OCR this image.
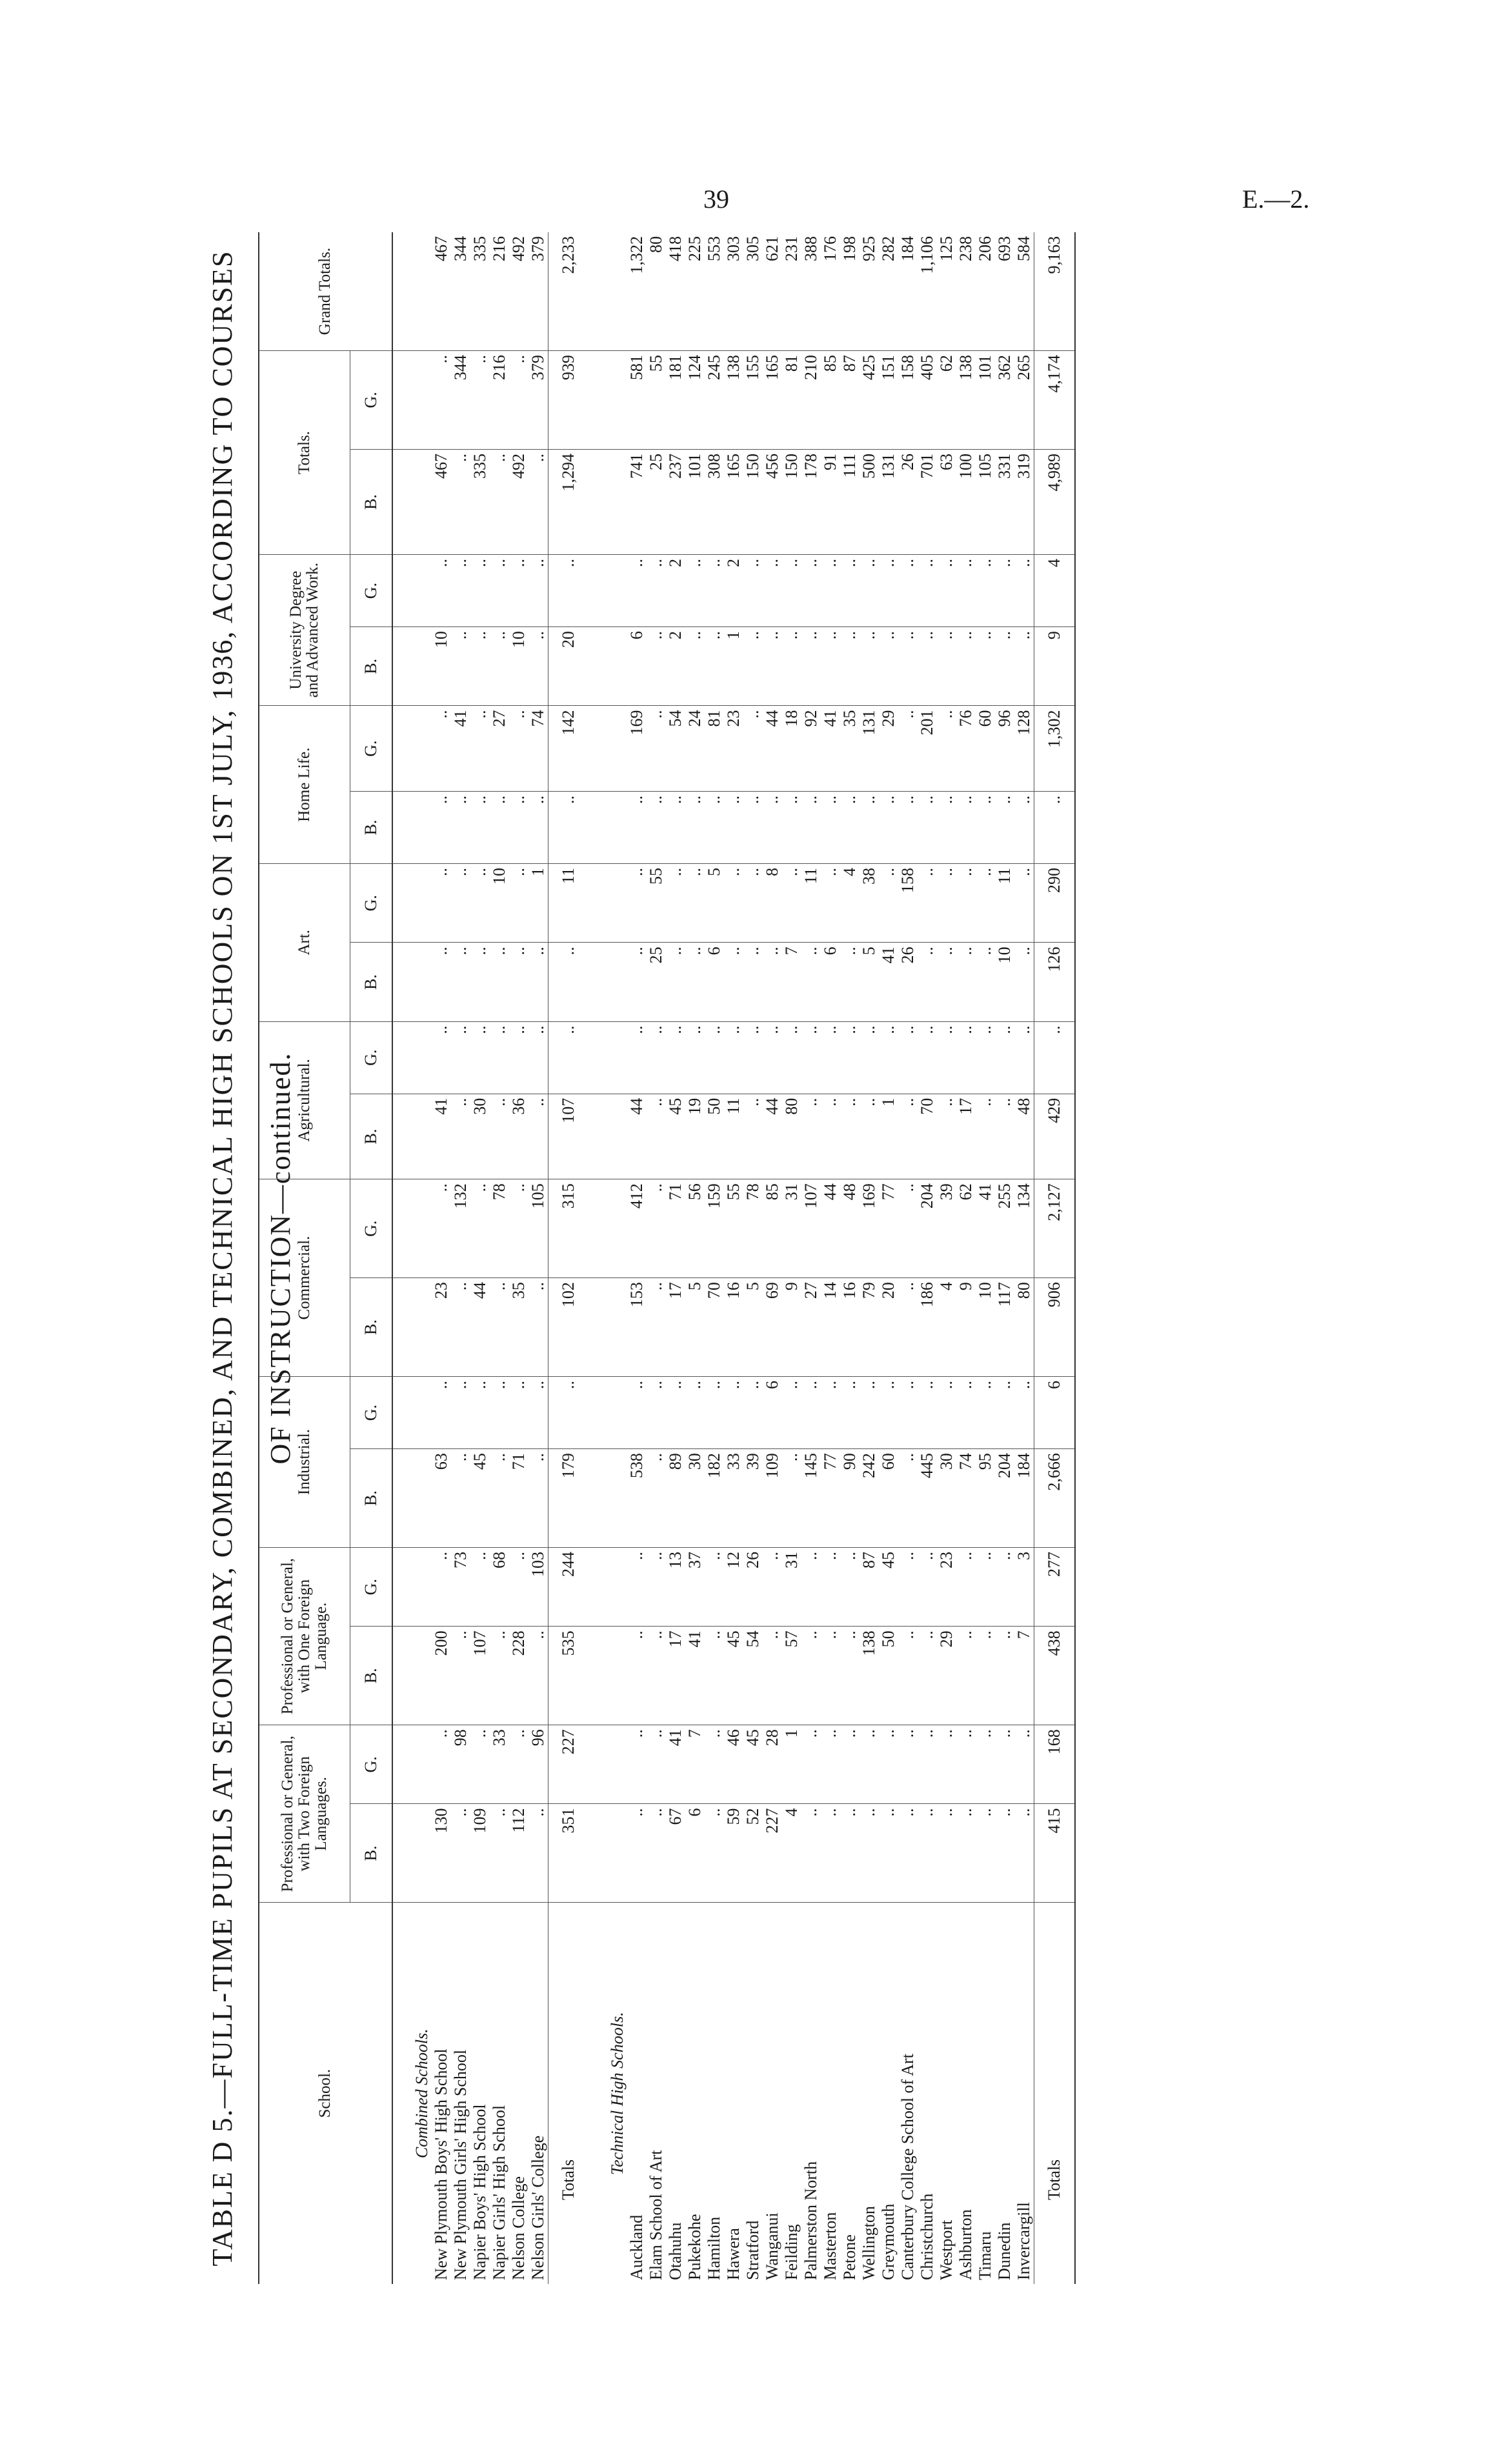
39	E.—2.
TABLE D 5.—FULL-TIME PUPILS AT SECONDARY, COMBINED, AND TECHNICAL HIGH SCHOOLS ON 1ST JULY, 1936, ACCORDING TO COURSES OF INSTRUCTION—continued.
School.	Professional or General, with Two Foreign Languages.		Professional or General, with One Foreign Language.		Industrial.		Commercial.		Agricultural.		Art.		Home Life.		University Degree and Advanced Work.		Totals.		Grand Totals.
	B.	G.	B.	G.	B.	G.	B.	G.	B.	G.	B.	G.	B.	G.	B.	G.	B.	G.	
Combined Schools.																			
New Plymouth Boys' High School	130	..	200	..	63	..	23	..	41	..	..	..	..	..	10	..	467	..	467
New Plymouth Girls' High School	..	98	..	73	..	..	..	132	..	..	..	..	..	41	..	..	..	344	344
Napier Boys' High School	109	..	107	..	45	..	44	..	30	..	..	..	..	..	..	..	335	..	335
Napier Girls' High School	..	33	..	68	..	..	..	78	..	..	..	10	..	27	..	..	..	216	216
Nelson College	112	..	228	..	71	..	35	..	36	..	..	..	..	..	10	..	492	..	492
Nelson Girls' College	..	96	..	103	..	..	..	105	..	..	..	1	..	74	..	..	..	379	379
Totals	351	227	535	244	179	..	102	315	107	..	..	11	..	142	20	..	1,294	939	2,233
Technical High Schools.																			
Auckland	..	..	..	..	538	..	153	412	44	..	..	..	..	169	6	..	741	581	1,322
Elam School of Art	..	..	..	..	..	..	..	..	..	..	25	55	..	..	..	..	25	55	80
Otahuhu	67	41	17	13	89	..	17	71	45	..	..	..	..	54	2	2	237	181	418
Pukekohe	6	7	41	37	30	..	5	56	19	..	..	..	..	24	..	..	101	124	225
Hamilton	..	..	..	..	182	..	70	159	50	..	6	5	..	81	..	..	308	245	553
Hawera	59	46	45	12	33	..	16	55	11	..	..	..	..	23	1	2	165	138	303
Stratford	52	45	54	26	39	..	5	78	..	..	..	..	..	..	..	..	150	155	305
Wanganui	227	28	..	..	109	6	69	85	44	..	..	8	..	44	..	..	456	165	621
Feilding	4	1	57	31	..	..	9	31	80	..	7	..	..	18	..	..	150	81	231
Palmerston North	..	..	..	..	145	..	27	107	..	..	..	11	..	92	..	..	178	210	388
Masterton	..	..	..	..	77	..	14	44	..	..	6	..	..	41	..	..	91	85	176
Petone	..	..	..	..	90	..	16	48	..	..	..	4	..	35	..	..	111	87	198
Wellington	..	..	138	87	242	..	79	169	..	..	5	38	..	131	..	..	500	425	925
Greymouth	..	..	50	45	60	..	20	77	1	..	41	..	..	29	..	..	131	151	282
Canterbury College School of Art	..	..	..	..	..	..	..	..	..	..	26	158	..	..	..	..	26	158	184
Christchurch	..	..	..	..	445	..	186	204	70	..	..	..	..	201	..	..	701	405	1,106
Westport	..	..	29	23	30	..	4	39	..	..	..	..	..	..	..	..	63	62	125
Ashburton	..	..	..	..	74	..	9	62	17	..	..	..	..	76	..	..	100	138	238
Timaru	..	..	..	..	95	..	10	41	..	..	..	..	..	60	..	..	105	101	206
Dunedin	..	..	..	..	204	..	117	255	..	..	10	11	..	96	..	..	331	362	693
Invercargill	..	..	7	3	184	..	80	134	48	..	..	..	..	128	..	..	319	265	584
Totals	415	168	438	277	2,666	6	906	2,127	429	..	126	290	..	1,302	9	4	4,989	4,174	9,163
